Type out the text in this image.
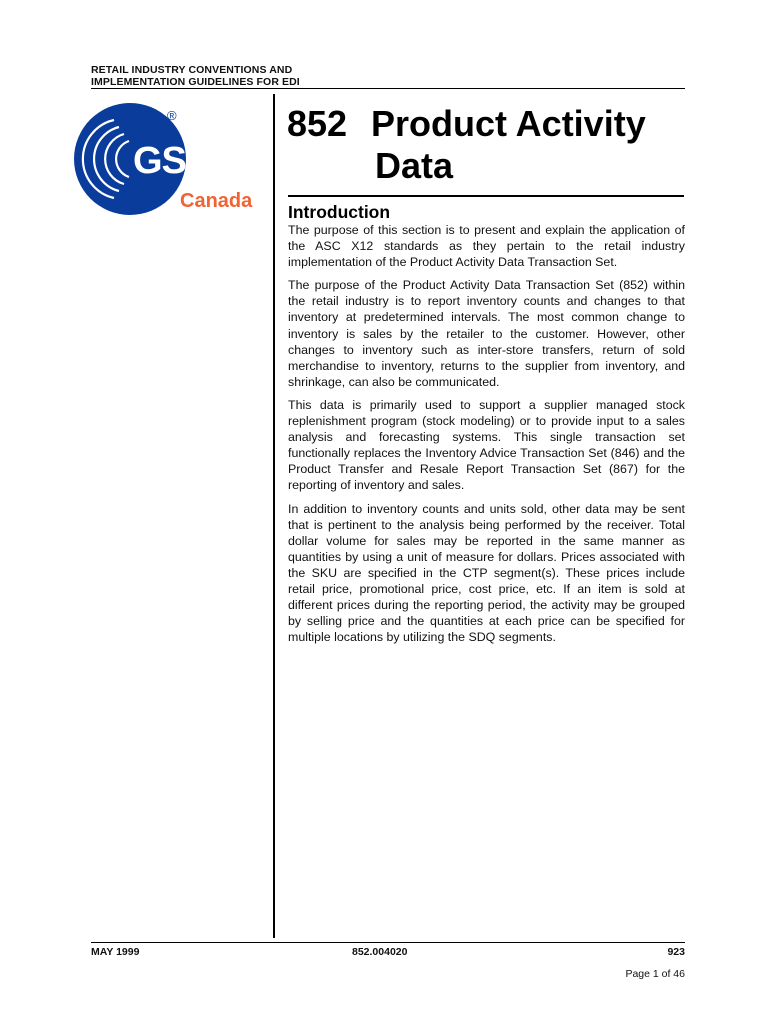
RETAIL INDUSTRY CONVENTIONS AND
IMPLEMENTATION GUIDELINES FOR EDI
GS1
®
Canada
852 Product Activity
Data
Introduction

The purpose of this section is to present and explain the application of the ASC X12 standards as they pertain to the retail industry implementation of the Product Activity Data Transaction Set.

The purpose of the Product Activity Data Transaction Set (852) within the retail industry is to report inventory counts and changes to that inventory at predetermined intervals. The most common change to inventory is sales by the retailer to the customer. However, other changes to inventory such as inter-store transfers, return of sold merchandise to inventory, returns to the supplier from inventory, and shrinkage, can also be communicated.

This data is primarily used to support a supplier managed stock replenishment program (stock modeling) or to provide input to a sales analysis and forecasting systems. This single transaction set functionally replaces the Inventory Advice Transaction Set (846) and the Product Transfer and Resale Report Transaction Set (867) for the reporting of inventory and sales.

In addition to inventory counts and units sold, other data may be sent that is pertinent to the analysis being performed by the receiver. Total dollar volume for sales may be reported in the same manner as quantities by using a unit of measure for dollars. Prices associated with the SKU are specified in the CTP segment(s). These prices include retail price, promotional price, cost price, etc. If an item is sold at different prices during the reporting period, the activity may be grouped by selling price and the quantities at each price can be specified for multiple locations by utilizing the SDQ segments.

MAY 1999	852.004020	923
Page 1 of 46
